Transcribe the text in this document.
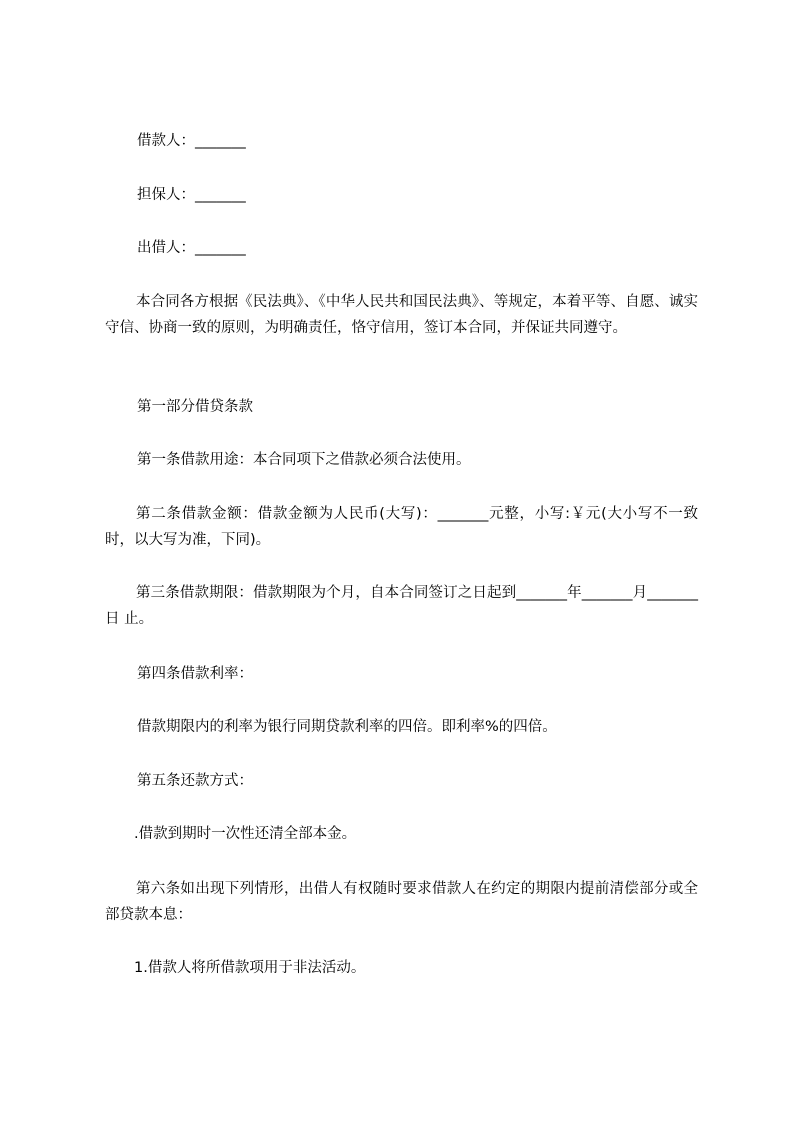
借款人：_______

担保人：_______

出借人：_______

本合同各方根据《民法典》、《中华人民共和国民法典》、等规定，本着平等、自愿、诚实守信、协商一致的原则，为明确责任，恪守信用，签订本合同，并保证共同遵守。

第一部分借贷条款

第一条借款用途：本合同项下之借款必须合法使用。

第二条借款金额：借款金额为人民币(大写)：_______元整，小写:￥元(大小写不一致时，以大写为准，下同)。

第三条借款期限：借款期限为个月，自本合同签订之日起到_______年_______月_______日 止。

第四条借款利率：

借款期限内的利率为银行同期贷款利率的四倍。即利率%的四倍。

第五条还款方式：

.借款到期时一次性还清全部本金。

第六条如出现下列情形，出借人有权随时要求借款人在约定的期限内提前清偿部分或全部贷款本息：

1.借款人将所借款项用于非法活动。
